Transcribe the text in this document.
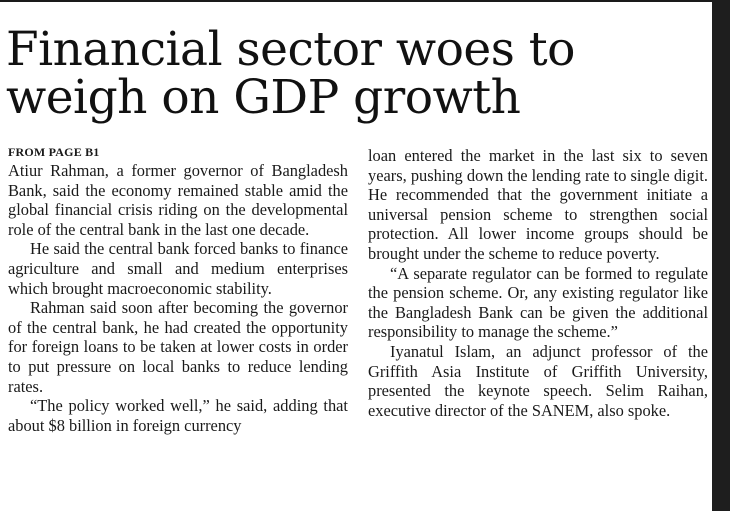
Financial sector woes to weigh on GDP growth
FROM PAGE B1

Atiur Rahman, a former governor of Bangladesh Bank, said the economy remained stable amid the global financial crisis riding on the developmental role of the central bank in the last one decade.

He said the central bank forced banks to finance agriculture and small and medium enterprises which brought macroeconomic stability.

Rahman said soon after becoming the governor of the central bank, he had created the opportunity for foreign loans to be taken at lower costs in order to put pressure on local banks to reduce lending rates.

“The policy worked well,” he said, adding that about $8 billion in foreign currency

loan entered the market in the last six to seven years, pushing down the lending rate to single digit. He recommended that the government initiate a universal pension scheme to strengthen social protection. All lower income groups should be brought under the scheme to reduce poverty.

“A separate regulator can be formed to regulate the pension scheme. Or, any existing regulator like the Bangladesh Bank can be given the additional responsibility to manage the scheme.”

Iyanatul Islam, an adjunct professor of the Griffith Asia Institute of Griffith University, presented the keynote speech. Selim Raihan, executive director of the SANEM, also spoke.
